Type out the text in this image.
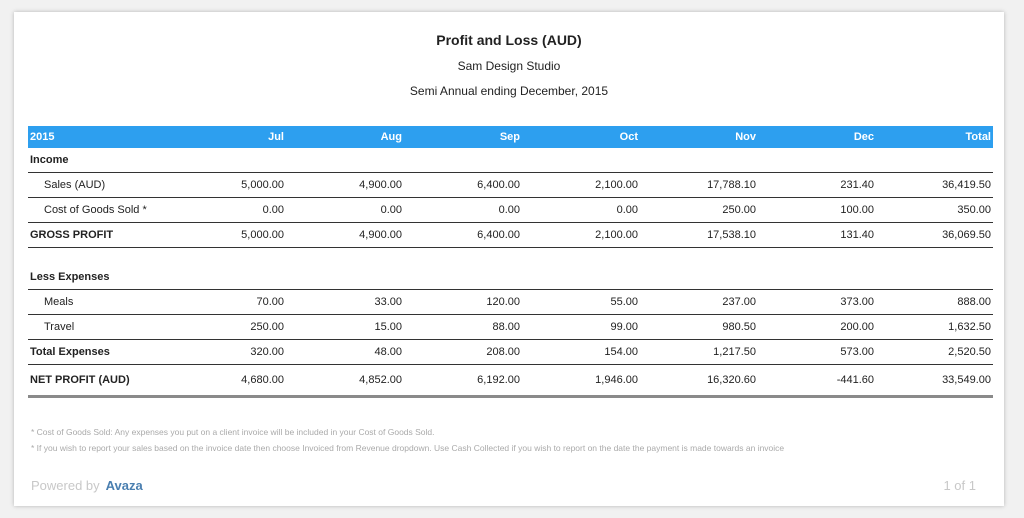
Profit and Loss (AUD)
Sam Design Studio
Semi Annual ending December, 2015
2015	Jul	Aug	Sep	Oct	Nov	Dec	Total
Income							
Sales (AUD)	5,000.00	4,900.00	6,400.00	2,100.00	17,788.10	231.40	36,419.50
Cost of Goods Sold *	0.00	0.00	0.00	0.00	250.00	100.00	350.00
GROSS PROFIT	5,000.00	4,900.00	6,400.00	2,100.00	17,538.10	131.40	36,069.50

Less Expenses							
Meals	70.00	33.00	120.00	55.00	237.00	373.00	888.00
Travel	250.00	15.00	88.00	99.00	980.50	200.00	1,632.50
Total Expenses	320.00	48.00	208.00	154.00	1,217.50	573.00	2,520.50
NET PROFIT (AUD)	4,680.00	4,852.00	6,192.00	1,946.00	16,320.60	-441.60	33,549.00
* Cost of Goods Sold: Any expenses you put on a client invoice will be included in your Cost of Goods Sold.
* If you wish to report your sales based on the invoice date then choose Invoiced from Revenue dropdown. Use Cash Collected if you wish to report on the date the payment is made towards an invoice
Powered by Avaza	1 of 1
